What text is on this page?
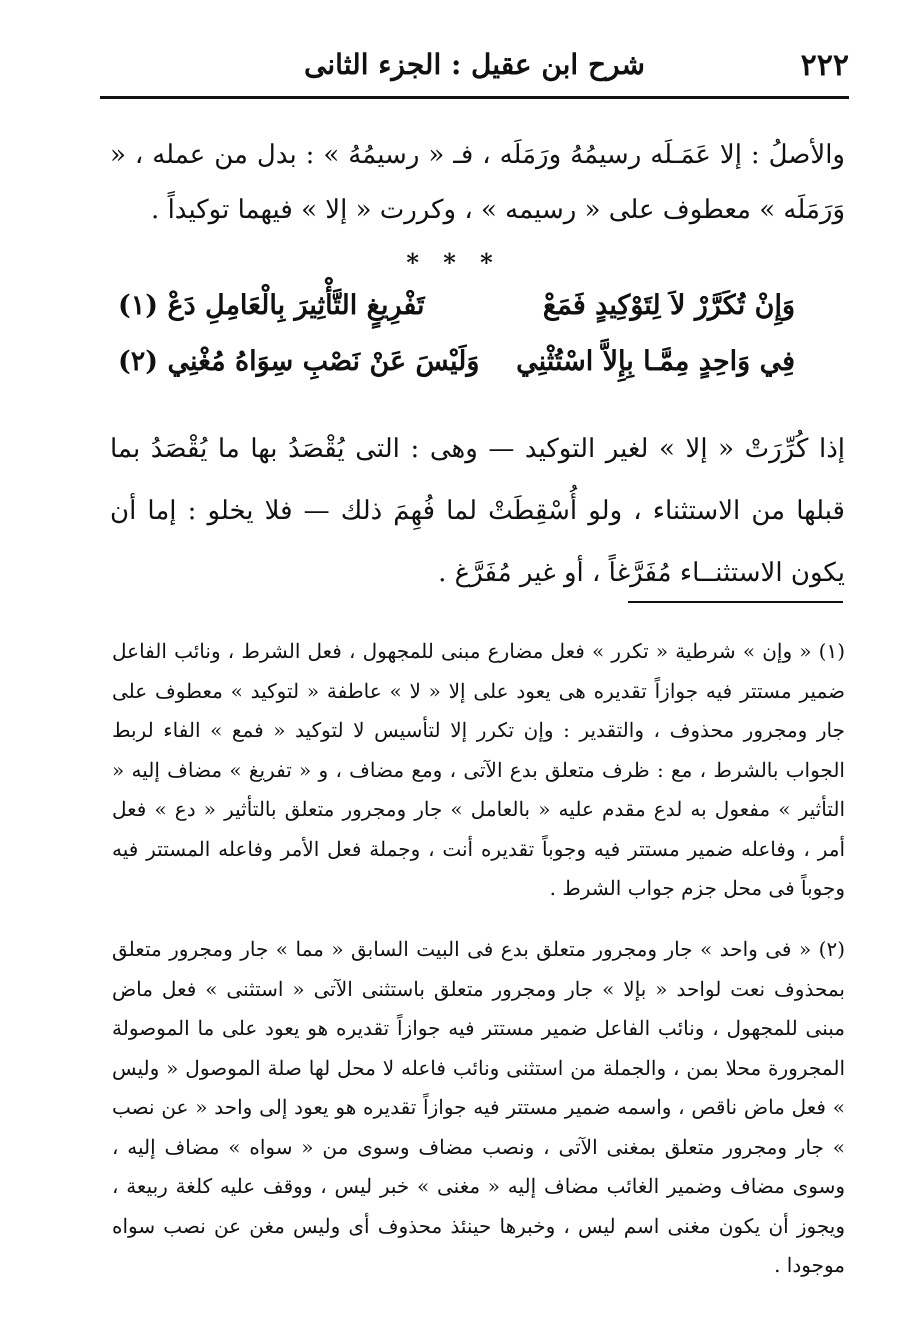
٢٢٢
شرح ابن عقيل : الجزء الثانى
والأصلُ : إلا عَمَـلَه رسيمُهُ ورَمَلَه ، فـ « رسيمُهُ » : بدل من عمله ، « وَرَمَلَه » معطوف على « رسيمه » ، وكررت « إلا » فيهما توكيداً .
* * *
وَإِنْ تُكَرَّرْ لاَ لِتَوْكِيدٍ فَمَعْ
تَفْرِيغٍ التَّأْثِيرَ بِالْعَامِلِ دَعْ (١)
فِي وَاحِدٍ مِمَّـا بِإِلاَّ اسْتُثْنِي
وَلَيْسَ عَنْ نَصْبِ سِوَاهُ مُغْنِي (٢)
إذا كُرِّرَتْ « إلا » لغير التوكيد — وهى : التى يُقْصَدُ بها ما يُقْصَدُ بما قبلها من الاستثناء ، ولو أُسْقِطَتْ لما فُهِمَ ذلك — فلا يخلو : إما أن يكون الاستثنــاء مُفَرَّغاً ، أو غير مُفَرَّغ .
(١) « وإن » شرطية « تكرر » فعل مضارع مبنى للمجهول ، فعل الشرط ، ونائب الفاعل ضمير مستتر فيه جوازاً تقديره هى يعود على إلا « لا » عاطفة « لتوكيد » معطوف على جار ومجرور محذوف ، والتقدير : وإن تكرر إلا لتأسيس لا لتوكيد « فمع » الفاء لربط الجواب بالشرط ، مع : ظرف متعلق بدع الآتى ، ومع مضاف ، و « تفريغ » مضاف إليه « التأثير » مفعول به لدع مقدم عليه « بالعامل » جار ومجرور متعلق بالتأثير « دع » فعل أمر ، وفاعله ضمير مستتر فيه وجوباً تقديره أنت ، وجملة فعل الأمر وفاعله المستتر فيه وجوباً فى محل جزم جواب الشرط .
(٢) « فى واحد » جار ومجرور متعلق بدع فى البيت السابق « مما » جار ومجرور متعلق بمحذوف نعت لواحد « بإلا » جار ومجرور متعلق باستثنى الآتى « استثنى » فعل ماض مبنى للمجهول ، ونائب الفاعل ضمير مستتر فيه جوازاً تقديره هو يعود على ما الموصولة المجرورة محلا بمن ، والجملة من استثنى ونائب فاعله لا محل لها صلة الموصول « وليس » فعل ماض ناقص ، واسمه ضمير مستتر فيه جوازاً تقديره هو يعود إلى واحد « عن نصب » جار ومجرور متعلق بمغنى الآتى ، ونصب مضاف وسوى من « سواه » مضاف إليه ، وسوى مضاف وضمير الغائب مضاف إليه « مغنى » خبر ليس ، ووقف عليه كلغة ربيعة ، ويجوز أن يكون مغنى اسم ليس ، وخبرها حينئذ محذوف أى وليس مغن عن نصب سواه موجودا .
